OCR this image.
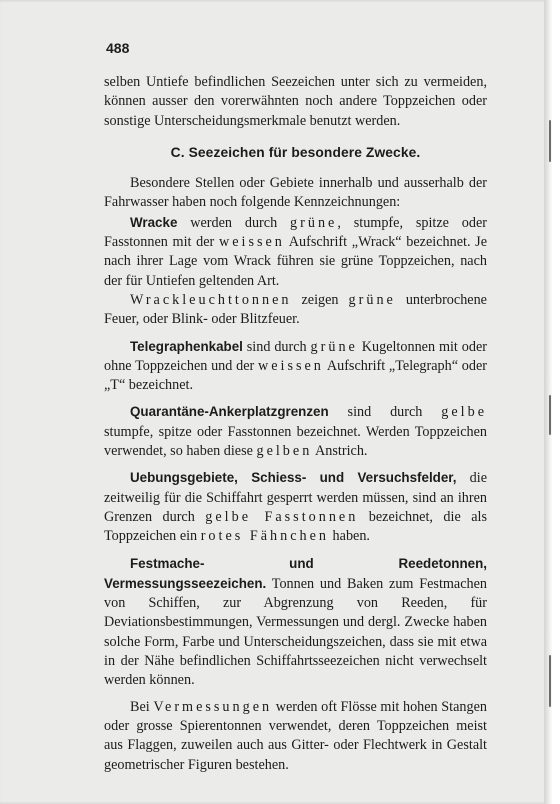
488

selben Untiefe befindlichen Seezeichen unter sich zu vermeiden, können ausser den vorerwähnten noch andere Toppzeichen oder sonstige Unterscheidungsmerkmale benutzt werden.

C. Seezeichen für besondere Zwecke.

Besondere Stellen oder Gebiete innerhalb und ausserhalb der Fahrwasser haben noch folgende Kennzeichnungen:

Wracke werden durch grüne, stumpfe, spitze oder Fasstonnen mit der weissen Aufschrift „Wrack“ bezeichnet. Je nach ihrer Lage vom Wrack führen sie grüne Toppzeichen, nach der für Untiefen geltenden Art.

Wrackleuchttonnen zeigen grüne unterbrochene Feuer, oder Blink- oder Blitzfeuer.

Telegraphenkabel sind durch grüne Kugeltonnen mit oder ohne Toppzeichen und der weissen Aufschrift „Telegraph“ oder „T“ bezeichnet.

Quarantäne-Ankerplatzgrenzen sind durch gelbe stumpfe, spitze oder Fasstonnen bezeichnet. Werden Toppzeichen verwendet, so haben diese gelben Anstrich.

Uebungsgebiete, Schiess- und Versuchsfelder, die zeitweilig für die Schiffahrt gesperrt werden müssen, sind an ihren Grenzen durch gelbe Fasstonnen bezeichnet, die als Toppzeichen ein rotes Fähnchen haben.

Festmache- und Reedetonnen, Vermessungsseezeichen. Tonnen und Baken zum Festmachen von Schiffen, zur Abgrenzung von Reeden, für Deviationsbestimmungen, Vermessungen und dergl. Zwecke haben solche Form, Farbe und Unterscheidungszeichen, dass sie mit etwa in der Nähe befindlichen Schiffahrtsseezeichen nicht verwechselt werden können.

Bei Vermessungen werden oft Flösse mit hohen Stangen oder grosse Spierentonnen verwendet, deren Toppzeichen meist aus Flaggen, zuweilen auch aus Gitter- oder Flechtwerk in Gestalt geometrischer Figuren bestehen.
